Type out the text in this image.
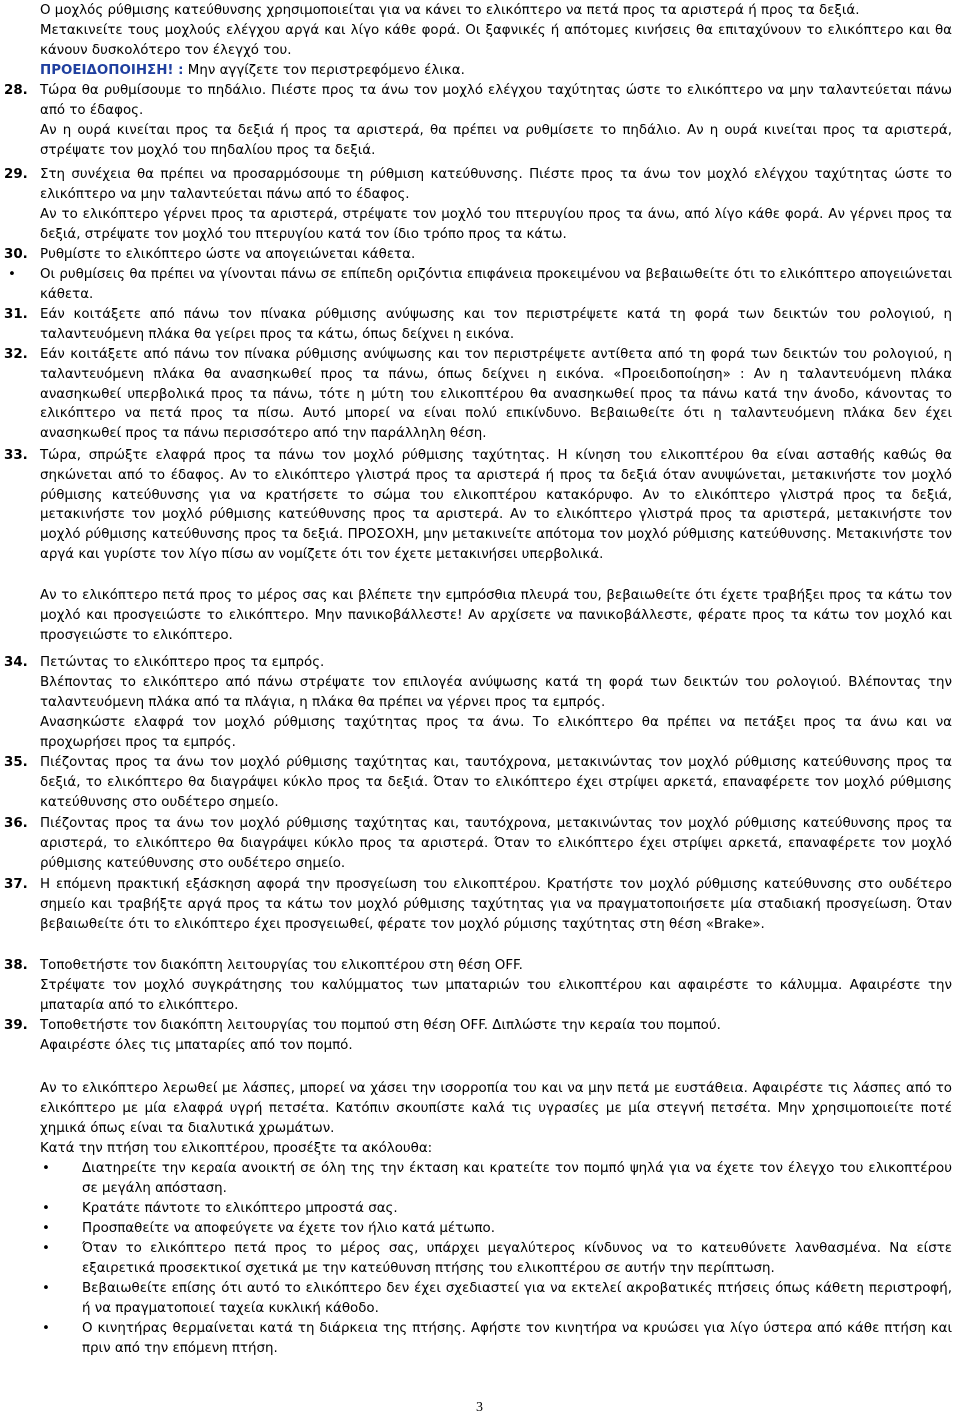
Ο μοχλός ρύθμισης κατεύθυνσης χρησιμοποιείται για να κάνει το ελικόπτερο να πετά προς τα αριστερά ή προς τα δεξιά.
Μετακινείτε τους μοχλούς ελέγχου αργά και λίγο κάθε φορά. Οι ξαφνικές ή απότομες κινήσεις θα επιταχύνουν το ελικόπτερο και θα κάνουν δυσκολότερο τον έλεγχό του.
ΠΡΟΕΙΔΟΠΟΙΗΣΗ! : Μην αγγίζετε τον περιστρεφόμενο έλικα.
28. Τώρα θα ρυθμίσουμε το πηδάλιο. Πιέστε προς τα άνω τον μοχλό ελέγχου ταχύτητας ώστε το ελικόπτερο να μην ταλαντεύεται πάνω από το έδαφος.
Αν η ουρά κινείται προς τα δεξιά ή προς τα αριστερά, θα πρέπει να ρυθμίσετε το πηδάλιο. Αν η ουρά κινείται προς τα αριστερά, στρέψατε τον μοχλό του πηδαλίου προς τα δεξιά.
29. Στη συνέχεια θα πρέπει να προσαρμόσουμε τη ρύθμιση κατεύθυνσης. Πιέστε προς τα άνω τον μοχλό ελέγχου ταχύτητας ώστε το ελικόπτερο να μην ταλαντεύεται πάνω από το έδαφος.
Αν το ελικόπτερο γέρνει προς τα αριστερά, στρέψατε τον μοχλό του πτερυγίου προς τα άνω, από λίγο κάθε φορά. Αν γέρνει προς τα δεξιά, στρέψατε τον μοχλό του πτερυγίου κατά τον ίδιο τρόπο προς τα κάτω.
30. Ρυθμίστε το ελικόπτερο ώστε να απογειώνεται κάθετα.
• Οι ρυθμίσεις θα πρέπει να γίνονται πάνω σε επίπεδη οριζόντια επιφάνεια προκειμένου να βεβαιωθείτε ότι το ελικόπτερο απογειώνεται κάθετα.
31. Εάν κοιτάξετε από πάνω τον πίνακα ρύθμισης ανύψωσης και τον περιστρέψετε κατά τη φορά των δεικτών του ρολογιού, η ταλαντευόμενη πλάκα θα γείρει προς τα κάτω, όπως δείχνει η εικόνα.
32. Εάν κοιτάξετε από πάνω τον πίνακα ρύθμισης ανύψωσης και τον περιστρέψετε αντίθετα από τη φορά των δεικτών του ρολογιού, η ταλαντευόμενη πλάκα θα ανασηκωθεί προς τα πάνω, όπως δείχνει η εικόνα. «Προειδοποίηση» : Αν η ταλαντευόμενη πλάκα ανασηκωθεί υπερβολικά προς τα πάνω, τότε η μύτη του ελικοπτέρου θα ανασηκωθεί προς τα πάνω κατά την άνοδο, κάνοντας το ελικόπτερο να πετά προς τα πίσω. Αυτό μπορεί να είναι πολύ επικίνδυνο. Βεβαιωθείτε ότι η ταλαντευόμενη πλάκα δεν έχει ανασηκωθεί προς τα πάνω περισσότερο από την παράλληλη θέση.
33. Τώρα, σπρώξτε ελαφρά προς τα πάνω τον μοχλό ρύθμισης ταχύτητας. Η κίνηση του ελικοπτέρου θα είναι ασταθής καθώς θα σηκώνεται από το έδαφος. Αν το ελικόπτερο γλιστρά προς τα αριστερά ή προς τα δεξιά όταν ανυψώνεται, μετακινήστε τον μοχλό ρύθμισης κατεύθυνσης για να κρατήσετε το σώμα του ελικοπτέρου κατακόρυφο. Αν το ελικόπτερο γλιστρά προς τα δεξιά, μετακινήστε τον μοχλό ρύθμισης κατεύθυνσης προς τα αριστερά. Αν το ελικόπτερο γλιστρά προς τα αριστερά, μετακινήστε τον μοχλό ρύθμισης κατεύθυνσης προς τα δεξιά. ΠΡΟΣΟΧΗ, μην μετακινείτε απότομα τον μοχλό ρύθμισης κατεύθυνσης. Μετακινήστε τον αργά και γυρίστε τον λίγο πίσω αν νομίζετε ότι τον έχετε μετακινήσει υπερβολικά.
Αν το ελικόπτερο πετά προς το μέρος σας και βλέπετε την εμπρόσθια πλευρά του, βεβαιωθείτε ότι έχετε τραβήξει προς τα κάτω τον μοχλό και προσγειώστε το ελικόπτερο. Μην πανικοβάλλεστε! Αν αρχίσετε να πανικοβάλλεστε, φέρατε προς τα κάτω τον μοχλό και προσγειώστε το ελικόπτερο.
34. Πετώντας το ελικόπτερο προς τα εμπρός.
Βλέποντας το ελικόπτερο από πάνω στρέψατε τον επιλογέα ανύψωσης κατά τη φορά των δεικτών του ρολογιού. Βλέποντας την ταλαντευόμενη πλάκα από τα πλάγια, η πλάκα θα πρέπει να γέρνει προς τα εμπρός.
Ανασηκώστε ελαφρά τον μοχλό ρύθμισης ταχύτητας προς τα άνω. Το ελικόπτερο θα πρέπει να πετάξει προς τα άνω και να προχωρήσει προς τα εμπρός.
35. Πιέζοντας προς τα άνω τον μοχλό ρύθμισης ταχύτητας και, ταυτόχρονα, μετακινώντας τον μοχλό ρύθμισης κατεύθυνσης προς τα δεξιά, το ελικόπτερο θα διαγράψει κύκλο προς τα δεξιά. Όταν το ελικόπτερο έχει στρίψει αρκετά, επαναφέρετε τον μοχλό ρύθμισης κατεύθυνσης στο ουδέτερο σημείο.
36. Πιέζοντας προς τα άνω τον μοχλό ρύθμισης ταχύτητας και, ταυτόχρονα, μετακινώντας τον μοχλό ρύθμισης κατεύθυνσης προς τα αριστερά, το ελικόπτερο θα διαγράψει κύκλο προς τα αριστερά. Όταν το ελικόπτερο έχει στρίψει αρκετά, επαναφέρετε τον μοχλό ρύθμισης κατεύθυνσης στο ουδέτερο σημείο.
37. Η επόμενη πρακτική εξάσκηση αφορά την προσγείωση του ελικοπτέρου. Κρατήστε τον μοχλό ρύθμισης κατεύθυνσης στο ουδέτερο σημείο και τραβήξτε αργά προς τα κάτω τον μοχλό ρύθμισης ταχύτητας για να πραγματοποιήσετε μία σταδιακή προσγείωση. Όταν βεβαιωθείτε ότι το ελικόπτερο έχει προσγειωθεί, φέρατε τον μοχλό ρύμισης ταχύτητας στη θέση «Brake».
38. Τοποθετήστε τον διακόπτη λειτουργίας του ελικοπτέρου στη θέση OFF.
Στρέψατε τον μοχλό συγκράτησης του καλύμματος των μπαταριών του ελικοπτέρου και αφαιρέστε το κάλυμμα. Αφαιρέστε την μπαταρία από το ελικόπτερο.
39. Τοποθετήστε τον διακόπτη λειτουργίας του πομπού στη θέση OFF. Διπλώστε την κεραία του πομπού.
Αφαιρέστε όλες τις μπαταρίες από τον πομπό.
Αν το ελικόπτερο λερωθεί με λάσπες, μπορεί να χάσει την ισορροπία του και να μην πετά με ευστάθεια. Αφαιρέστε τις λάσπες από το ελικόπτερο με μία ελαφρά υγρή πετσέτα. Κατόπιν σκουπίστε καλά τις υγρασίες με μία στεγνή πετσέτα. Μην χρησιμοποιείτε ποτέ χημικά όπως είναι τα διαλυτικά χρωμάτων.
Κατά την πτήση του ελικοπτέρου, προσέξτε τα ακόλουθα:
• Διατηρείτε την κεραία ανοικτή σε όλη της την έκταση και κρατείτε τον πομπό ψηλά για να έχετε τον έλεγχο του ελικοπτέρου σε μεγάλη απόσταση.
• Κρατάτε πάντοτε το ελικόπτερο μπροστά σας.
• Προσπαθείτε να αποφεύγετε να έχετε τον ήλιο κατά μέτωπο.
• Όταν το ελικόπτερο πετά προς το μέρος σας, υπάρχει μεγαλύτερος κίνδυνος να το κατευθύνετε λανθασμένα. Να είστε εξαιρετικά προσεκτικοί σχετικά με την κατεύθυνση πτήσης του ελικοπτέρου σε αυτήν την περίπτωση.
• Βεβαιωθείτε επίσης ότι αυτό το ελικόπτερο δεν έχει σχεδιαστεί για να εκτελεί ακροβατικές πτήσεις όπως κάθετη περιστροφή, ή να πραγματοποιεί ταχεία κυκλική κάθοδο.
• Ο κινητήρας θερμαίνεται κατά τη διάρκεια της πτήσης. Αφήστε τον κινητήρα να κρυώσει για λίγο ύστερα από κάθε πτήση και πριν από την επόμενη πτήση.
3
